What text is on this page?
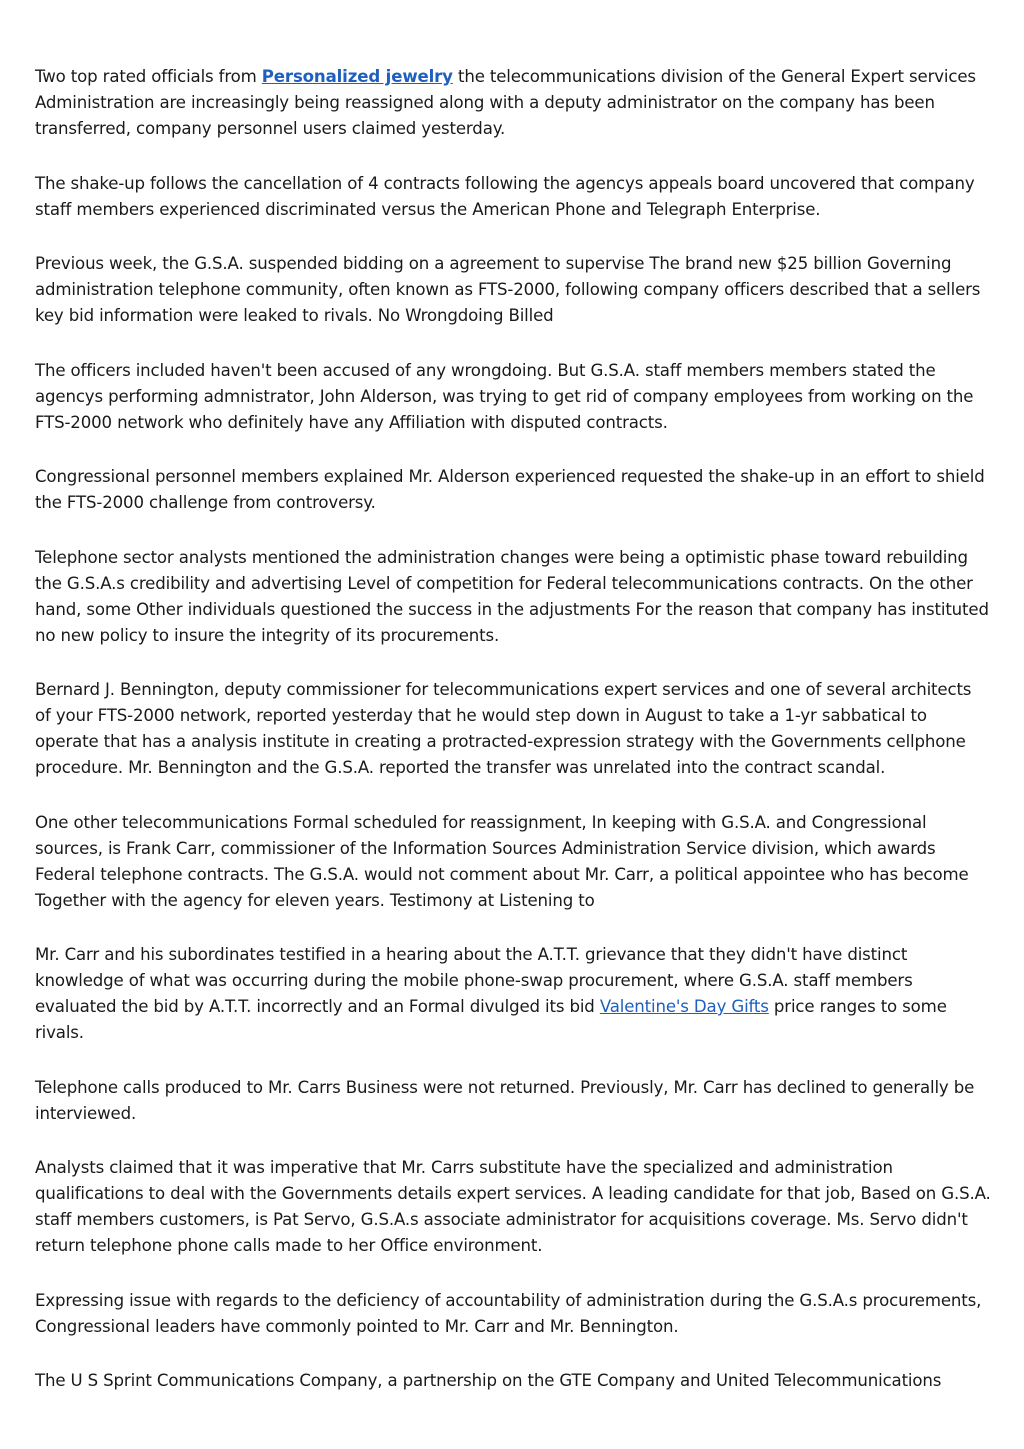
Two top rated officials from Personalized jewelry the telecommunications division of the General Expert services Administration are increasingly being reassigned along with a deputy administrator on the company has been transferred, company personnel users claimed yesterday.

The shake-up follows the cancellation of 4 contracts following the agencys appeals board uncovered that company staff members experienced discriminated versus the American Phone and Telegraph Enterprise.

Previous week, the G.S.A. suspended bidding on a agreement to supervise The brand new $25 billion Governing administration telephone community, often known as FTS-2000, following company officers described that a sellers key bid information were leaked to rivals. No Wrongdoing Billed

The officers included haven't been accused of any wrongdoing. But G.S.A. staff members members stated the agencys performing admnistrator, John Alderson, was trying to get rid of company employees from working on the FTS-2000 network who definitely have any Affiliation with disputed contracts.

Congressional personnel members explained Mr. Alderson experienced requested the shake-up in an effort to shield the FTS-2000 challenge from controversy.

Telephone sector analysts mentioned the administration changes were being a optimistic phase toward rebuilding the G.S.A.s credibility and advertising Level of competition for Federal telecommunications contracts. On the other hand, some Other individuals questioned the success in the adjustments For the reason that company has instituted no new policy to insure the integrity of its procurements.

Bernard J. Bennington, deputy commissioner for telecommunications expert services and one of several architects of your FTS-2000 network, reported yesterday that he would step down in August to take a 1-yr sabbatical to operate that has a analysis institute in creating a protracted-expression strategy with the Governments cellphone procedure. Mr. Bennington and the G.S.A. reported the transfer was unrelated into the contract scandal.

One other telecommunications Formal scheduled for reassignment, In keeping with G.S.A. and Congressional sources, is Frank Carr, commissioner of the Information Sources Administration Service division, which awards Federal telephone contracts. The G.S.A. would not comment about Mr. Carr, a political appointee who has become Together with the agency for eleven years. Testimony at Listening to

Mr. Carr and his subordinates testified in a hearing about the A.T.T. grievance that they didn't have distinct knowledge of what was occurring during the mobile phone-swap procurement, where G.S.A. staff members evaluated the bid by A.T.T. incorrectly and an Formal divulged its bid Valentine's Day Gifts price ranges to some rivals.

Telephone calls produced to Mr. Carrs Business were not returned. Previously, Mr. Carr has declined to generally be interviewed.

Analysts claimed that it was imperative that Mr. Carrs substitute have the specialized and administration qualifications to deal with the Governments details expert services. A leading candidate for that job, Based on G.S.A. staff members customers, is Pat Servo, G.S.A.s associate administrator for acquisitions coverage. Ms. Servo didn't return telephone phone calls made to her Office environment.

Expressing issue with regards to the deficiency of accountability of administration during the G.S.A.s procurements, Congressional leaders have commonly pointed to Mr. Carr and Mr. Bennington.

The U S Sprint Communications Company, a partnership on the GTE Company and United Telecommunications
